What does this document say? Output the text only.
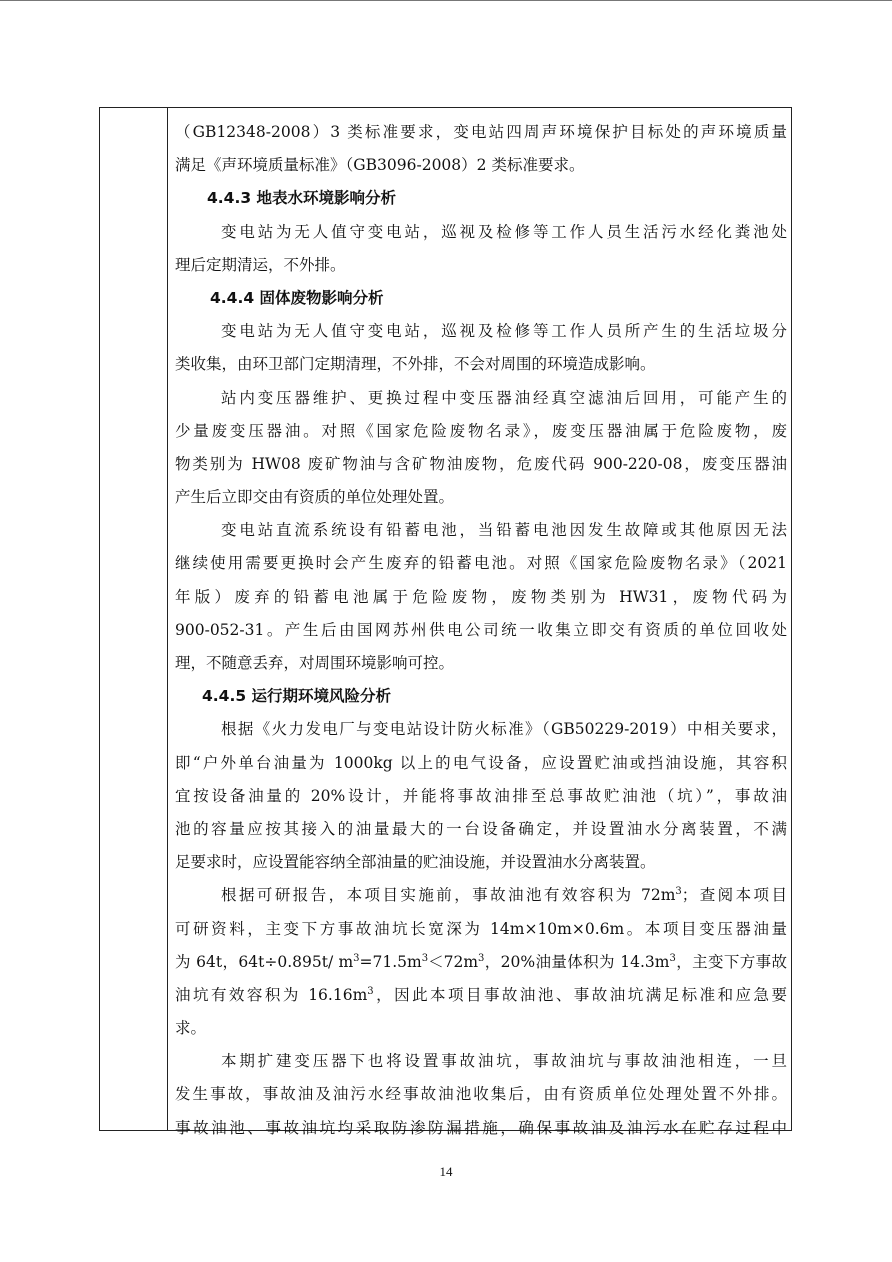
（GB12348-2008）3 类标准要求，变电站四周声环境保护目标处的声环境质量
满足《声环境质量标准》（GB3096-2008）2 类标准要求。
4.4.3 地表水环境影响分析
变电站为无人值守变电站，巡视及检修等工作人员生活污水经化粪池处
理后定期清运，不外排。
4.4.4 固体废物影响分析
变电站为无人值守变电站，巡视及检修等工作人员所产生的生活垃圾分
类收集，由环卫部门定期清理，不外排，不会对周围的环境造成影响。
站内变压器维护、更换过程中变压器油经真空滤油后回用，可能产生的
少量废变压器油。对照《国家危险废物名录》，废变压器油属于危险废物，废
物类别为 HW08 废矿物油与含矿物油废物，危废代码 900-220-08，废变压器油
产生后立即交由有资质的单位处理处置。
变电站直流系统设有铅蓄电池，当铅蓄电池因发生故障或其他原因无法
继续使用需要更换时会产生废弃的铅蓄电池。对照《国家危险废物名录》（2021
年版）废弃的铅蓄电池属于危险废物，废物类别为 HW31，废物代码为
900-052-31。产生后由国网苏州供电公司统一收集立即交有资质的单位回收处
理，不随意丢弃，对周围环境影响可控。
4.4.5 运行期环境风险分析
根据《火力发电厂与变电站设计防火标准》（GB50229-2019）中相关要求，
即“户外单台油量为 1000kg 以上的电气设备，应设置贮油或挡油设施，其容积
宜按设备油量的 20%设计，并能将事故油排至总事故贮油池（坑）”，事故油
池的容量应按其接入的油量最大的一台设备确定，并设置油水分离装置，不满
足要求时，应设置能容纳全部油量的贮油设施，并设置油水分离装置。
根据可研报告，本项目实施前，事故油池有效容积为 $72m^3$；查阅本项目
可研资料，主变下方事故油坑长宽深为 14m×10m×0.6m。本项目变压器油量
为 64t，64t÷0.895t/ $m^3=71.5m^3<72m^3$，20%油量体积为 $14.3m^3$，主变下方事故
油坑有效容积为 $16.16m^3$，因此本项目事故油池、事故油坑满足标准和应急要
求。
本期扩建变压器下也将设置事故油坑，事故油坑与事故油池相连，一旦
发生事故，事故油及油污水经事故油池收集后，由有资质单位处理处置不外排。
事故油池、事故油坑均采取防渗防漏措施，确保事故油及油污水在贮存过程中
14
